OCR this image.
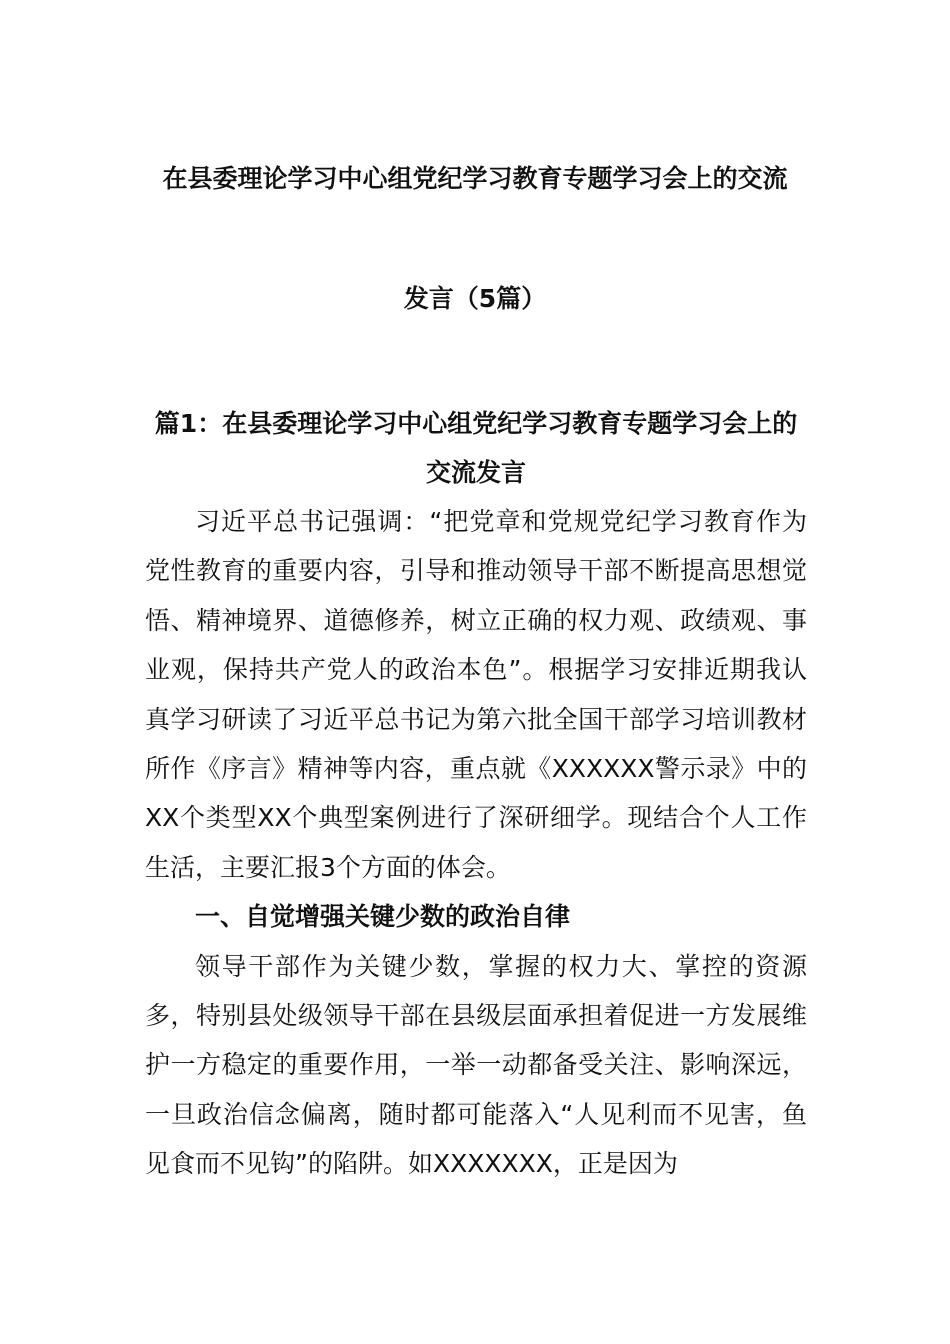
在县委理论学习中心组党纪学习教育专题学习会上的交流
发言（5篇）

篇1：在县委理论学习中心组党纪学习教育专题学习会上的交流发言

习近平总书记强调：“把党章和党规党纪学习教育作为党性教育的重要内容，引导和推动领导干部不断提高思想觉悟、精神境界、道德修养，树立正确的权力观、政绩观、事业观，保持共产党人的政治本色”。根据学习安排近期我认真学习研读了习近平总书记为第六批全国干部学习培训教材所作《序言》精神等内容，重点就《XXXXXX警示录》中的XX个类型XX个典型案例进行了深研细学。现结合个人工作生活，主要汇报3个方面的体会。

一、自觉增强关键少数的政治自律

领导干部作为关键少数，掌握的权力大、掌控的资源多，特别县处级领导干部在县级层面承担着促进一方发展维护一方稳定的重要作用，一举一动都备受关注、影响深远，一旦政治信念偏离，随时都可能落入“人见利而不见害，鱼见食而不见钩”的陷阱。如XXXXXXX，正是因为
